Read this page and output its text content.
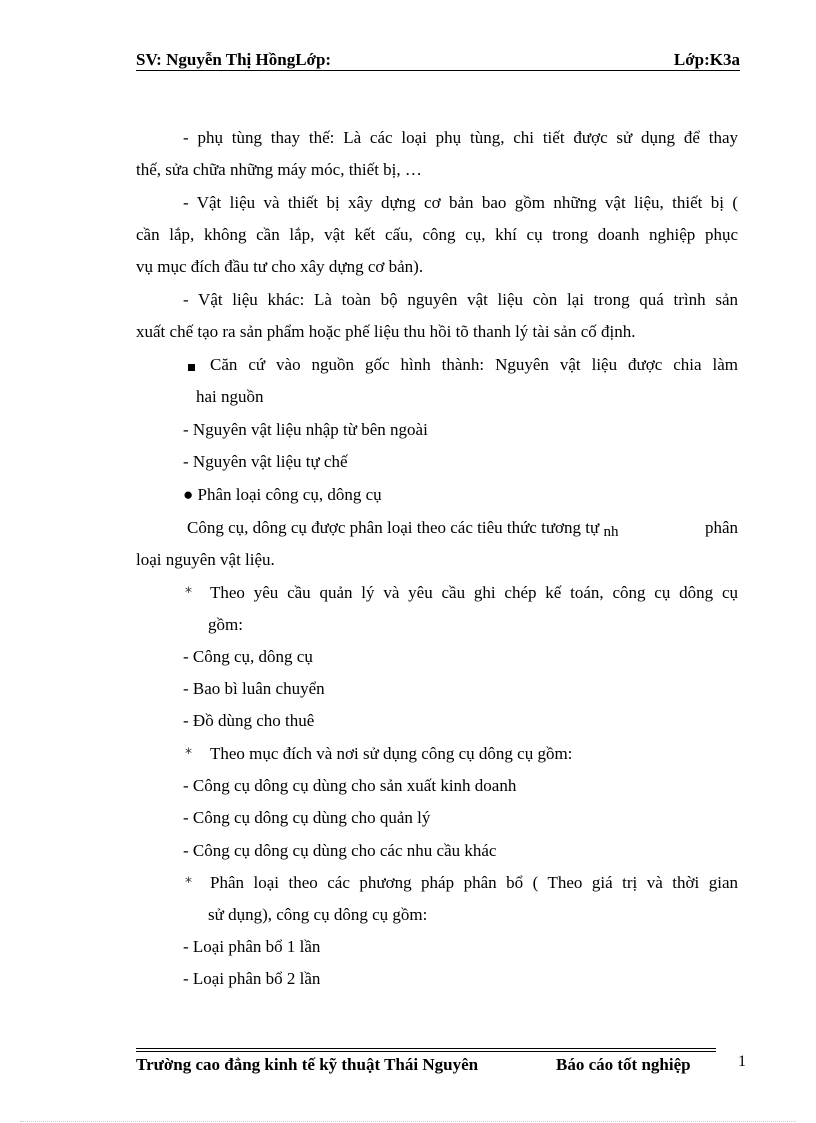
SV: Nguyễn Thị HồngLớp:	Lớp:K3a
- phụ tùng thay thế: Là các loại phụ tùng, chi tiết được sử dụng để thay
thế, sửa chữa những máy móc, thiết bị, …
- Vật liệu và thiết bị xây dựng cơ bản bao gồm những vật liệu, thiết bị (
cần lắp, không cần lắp, vật kết cấu, công cụ, khí cụ trong doanh nghiệp phục
vụ mục đích đầu tư cho xây dựng cơ bản).
- Vật liệu khác: Là toàn bộ nguyên vật liệu còn lại trong quá trình sản
xuất chế tạo ra sản phẩm hoặc phế liệu thu hồi tõ thanh lý tài sản cố định.
Căn cứ vào nguồn gốc hình thành: Nguyên vật liệu được chia làm
hai nguồn
- Nguyên vật liệu nhập từ bên ngoài
- Nguyên vật liệu tự chế
● Phân loại công cụ, dông cụ
Công cụ, dông cụ được phân loại theo các tiêu thức tương tự nh	phân
loại nguyên vật liệu.
* Theo yêu cầu quản lý và yêu cầu ghi chép kế toán, công cụ dông cụ
gồm:
- Công cụ, dông cụ
- Bao bì luân chuyển
- Đồ dùng cho thuê
* Theo mục đích và nơi sử dụng công cụ dông cụ gồm:
- Công cụ dông cụ dùng cho sản xuất kinh doanh
- Công cụ dông cụ dùng cho quản lý
- Công cụ dông cụ dùng cho các nhu cầu khác
* Phân loại theo các phương pháp phân bổ ( Theo giá trị và thời gian
sử dụng), công cụ dông cụ gồm:
- Loại phân bổ 1 lần
- Loại phân bổ 2 lần
Trường cao đẳng kinh tế kỹ thuật Thái Nguyên	Báo cáo tốt nghiệp	1
